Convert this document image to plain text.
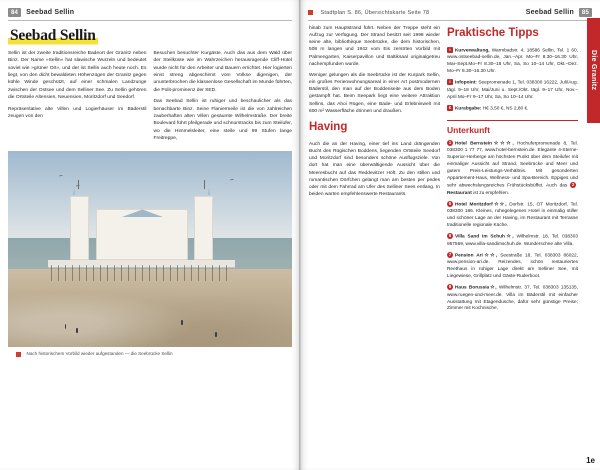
84	Seebad Sellin
Seebad Sellin

Sellin ist der zweite traditionsreiche Badeort der Granitz neben Binz. Der Name »Sellin« hat slawische Wurzeln und bedeutet soviel wie »grüner Ort«, und der ist Sellin auch heute noch. Es liegt, von den dicht bewaldeten Höhenzügen der Granitz gegen kühle Winde geschützt, auf einer schmalen Landzunge zwischen der Ostsee und dem Selliner See. Zu Sellin gehören die Ortsteile Altensien, Neuensien, Moritzdorf und Seedorf.

Repräsentative alte Villen und Logierhäuser im Bäderstil zeugen von den

Besuchen besuchter Kurgäste. Auch das aus dem Wald über der Steilküste wie im Wahrzeichen herausragende Cliff-Hotel wurde nicht für den Arbeiter und Bauern errichtet. Hier logierten einst streng abgeschirmt vom Volkse digenigen, der ununterbrochen die klassenlose Gesellschaft im Munde führten, die Polit-prominenz der SED.

Das Seebad Sellin ist ruhiger und beschaulicher als das benachbarte Binz. Seine Flaniermeile ist die von zahlreichen zauberhaften alten Villen gesäumte Wilhelmstraße. Der breite Boulevard führt pfeilgerade und schnurstracks bis zum Steilufer, wo die Himmelsleiter, eine steile und 99 Stufen lange Freitreppe,

Nach historischem Vorbild wieder aufgestanden — die Seebrücke Sellin
Stadtplan S. 86, Übersichtskarte Seite 78	Seebad Sellin	85

hinab zum Hauptstrand führt. Neben der Treppe steht ein Aufzug zur Verfügung. Der Strand besitzt seit 1998 wieder seine alte, bibliothèque Seebrücke, die dem historischen, 508 m langen und 1942 vom Eis zerstrten Vorbild mit Palmengarten, Kaiserpavillon und Baltiksaal originalgetreu nachempfunden wurde.

Weniger gelungen als die Seebrücke ist der Kurpark Sellin, ein großes Ferienwohnungsareal in einer Art postmodernen Bäderstil, den man auf der Boddenseite aus dem Boden gestampft hat. Beim Seepark liegt eine weitere Attraktion Sellins, das Ahoi Rügen, eine Bade- und Erlebniswelt mit 600 m² Wasserfläche drinnen und draußen.

Having

Auch die an der Having, einer tief ins Land drängenden Bucht des Rügischen Boddens, liegenden Ortsteile Seedorf und Moritzdorf sind besonders schöne Ausflugsziele. Von dort hat man eine überwältigende Aussicht über die Meeresbucht auf das Reddevitzer Höft. Zu den stillen und romantischen Dörfchen gelangt man am besten per pedes oder mit dem Fahrrad am Ufer des Selliner Sees entlang. In beiden warten empfehlenswerte Restaurants.

Praktische Tipps
i Kurverwaltung, Warmbadstr. 4, 18586 Sellin, Tel. 1 60, www.ostseebad-sellin.de, Jan.–Apr. Mo–Fr 8.30–16.30 Uhr, Mai–Sept.Mo–Fr 8.30–18 Uhr, Sa, So 10–14 Uhr, Okt.–Dez. Mo–Fr 8.30–16.30 Uhr.
i Infopoint: Seepromenade 1, Tel. 038300 16222, Juli/Aug. tägl. 9–18 Uhr, Mai/Juni u. Sept./Okt. tägl. 9–17 Uhr, Nov.–April Mo–Fr 9–17 Uhr, Sa, So 10–14 Uhr.
€ Kurabgabe: H€ 3,50 €, NS 2,80 €.
Unterkunft
1 Hotel Bernstein☆☆☆, Hochuferpromenade 8, Tel. 038300 1 77 77, www.hotel-bernstein.de. Elegante 4-Sterne-Superior-Herberge am höchsten Punkt über dem Steilufer mit einmaliger Aussicht auf Strand, Seebrücke und Meer und gutem Preis-Leistungs-Verhältnis. Mit gesonderten Appartement-Haus, Wellness- und Spa-Bereich. Eppiges und sehr abwechslungsreiches Frühstücksbüffet. Auch das 2Restaurant ist zu empfehlen.
5 Hotel Moritzdorf☆☆, Dorfstr. 15, OT Moritzdorf, Tel. 038300 186. Kleines, ruhegelegenes Hotel in einmalig stiller und schöner Lage an der Having, im Restaurant mit Terrasse traditionelle regionale Küche.
6 Villa Sand im Schuh☆, Wilhelmstr. 18, Tel. 038303 957569, www.villa-sandimschuh.de. Wunderschne alte Villa.
7 Pension Ari☆☆, Seestraße 18, Tel. 038303 86022, www.pension-ari.de. Reizendes, schön restauriertes Reethaus in ruhiger Lage direkt am Selliner See, mit Liegewiese, Grillplatz und Gäste-Ruderboot.
8 Haus Borussia☆, Wilhelmstr. 37, Tel. 038303 135135, www.ruegen-und-meer.de. Villa im Bäderstil mit einfacher Ausstattung mit Etagendusche, dafür sehr günstige Preise; Zimmer mit Kochnische,
Die Granitz
1e
